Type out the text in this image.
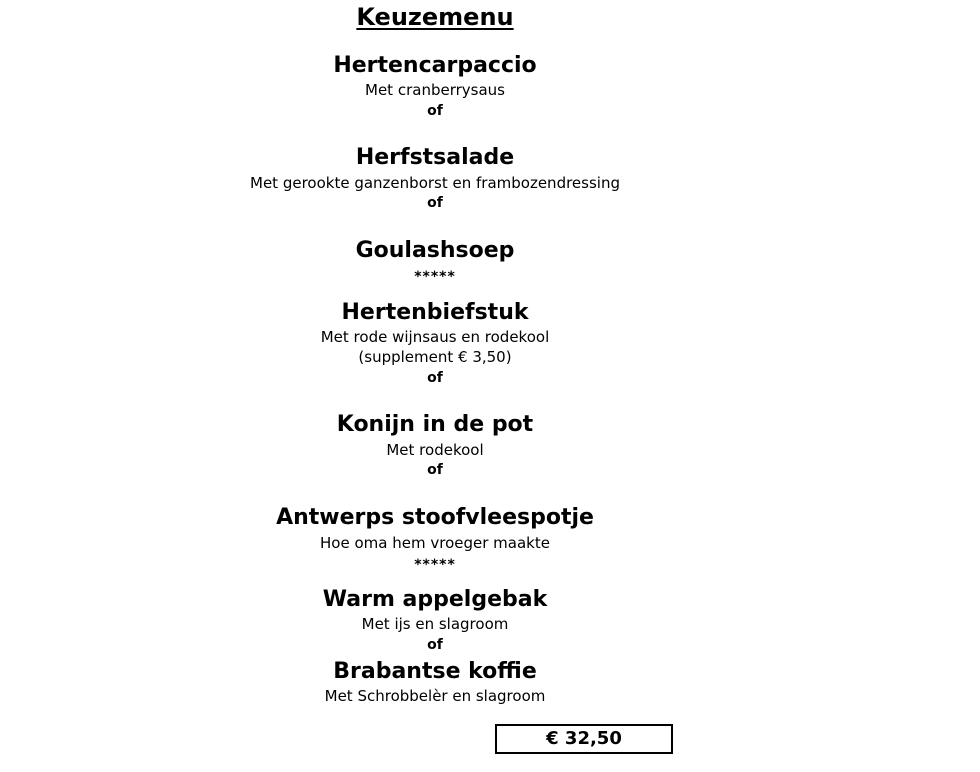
Keuzemenu
Hertencarpaccio
Met cranberrysaus
of
Herfstsalade
Met gerookte ganzenborst en frambozendressing
of
Goulashsoep
*****
Hertenbiefstuk
Met rode wijnsaus en rodekool
(supplement € 3,50)
of
Konijn in de pot
Met rodekool
of
Antwerps stoofvleespotje
Hoe oma hem vroeger maakte
*****
Warm appelgebak
Met ijs en slagroom
of
Brabantse koffie
Met Schrobbelèr en slagroom
€ 32,50
